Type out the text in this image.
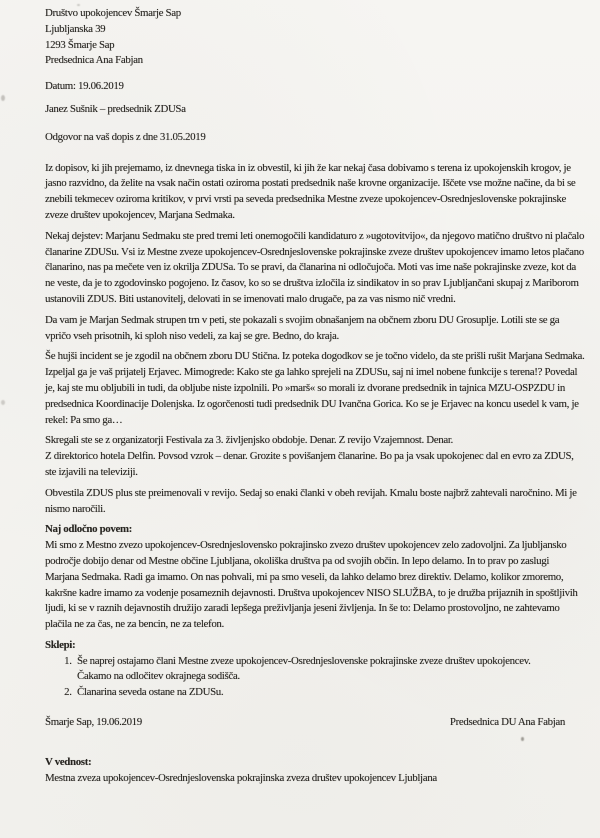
Društvo upokojencev Šmarje Sap
Ljubljanska 39
1293 Šmarje Sap
Predsednica Ana Fabjan
Datum: 19.06.2019
Janez Sušnik – predsednik ZDUSa
Odgovor na vaš dopis z dne 31.05.2019

Iz dopisov, ki jih prejemamo, iz dnevnega tiska in iz obvestil, ki jih že kar nekaj časa dobivamo s terena iz upokojenskih krogov, je jasno razvidno, da želite na vsak način ostati oziroma postati predsednik naše krovne organizacije. Iščete vse možne načine, da bi se znebili tekmecev oziroma kritikov, v prvi vrsti pa seveda predsednika Mestne zveze upokojencev-Osrednjeslovenske pokrajinske zveze društev upokojencev, Marjana Sedmaka.

Nekaj dejstev: Marjanu Sedmaku ste pred tremi leti onemogočili kandidaturo z »ugotovitvijo«, da njegovo matično društvo ni plačalo članarine ZDUSu. Vsi iz Mestne zveze upokojencev-Osrednjeslovenske pokrajinske zveze društev upokojencev imamo letos plačano članarino, nas pa mečete ven iz okrilja ZDUSa. To se pravi, da članarina ni odločujoča. Moti vas ime naše pokrajinske zveze, kot da ne veste, da je to zgodovinsko pogojeno. Iz časov, ko so se društva izločila iz sindikatov in so prav Ljubljančani skupaj z Mariborom ustanovili ZDUS. Biti ustanovitelj, delovati in se imenovati malo drugače, pa za vas nismo nič vredni.

Da vam je Marjan Sedmak strupen trn v peti, ste pokazali s svojim obnašanjem na občnem zboru DU Grosuplje. Lotili ste se ga vpričo vseh prisotnih, ki sploh niso vedeli, za kaj se gre. Bedno, do kraja.

Še hujši incident se je zgodil na občnem zboru DU Stična. Iz poteka dogodkov se je točno videlo, da ste prišli rušit Marjana Sedmaka. Izpeljal ga je vaš prijatelj Erjavec. Mimogrede: Kako ste ga lahko sprejeli na ZDUSu, saj ni imel nobene funkcije s terena!? Povedal je, kaj ste mu obljubili in tudi, da obljube niste izpolnili. Po »marš« so morali iz dvorane predsednik in tajnica MZU-OSPZDU in predsednica Koordinacije Dolenjska. Iz ogorčenosti tudi predsednik DU Ivančna Gorica. Ko se je Erjavec na koncu usedel k vam, je rekel: Pa smo ga…

Skregali ste se z organizatorji Festivala za 3. življenjsko obdobje. Denar. Z revijo Vzajemnost. Denar.
Z direktorico hotela Delfin. Povsod vzrok – denar. Grozite s povišanjem članarine. Bo pa ja vsak upokojenec dal en evro za ZDUS, ste izjavili na televiziji.

Obvestila ZDUS plus ste preimenovali v revijo. Sedaj so enaki članki v obeh revijah. Kmalu boste najbrž zahtevali naročnino. Mi je nismo naročili.

Naj odločno povem:

Mi smo z Mestno zvezo upokojencev-Osrednjeslovensko pokrajinsko zvezo društev upokojencev zelo zadovoljni. Za ljubljansko področje dobijo denar od Mestne občine Ljubljana, okoliška društva pa od svojih občin. In lepo delamo. In to prav po zaslugi Marjana Sedmaka. Radi ga imamo. On nas pohvali, mi pa smo veseli, da lahko delamo brez direktiv. Delamo, kolikor zmoremo, kakršne kadre imamo za vodenje posameznih dejavnosti. Društva upokojencev NISO SLUŽBA, to je družba prijaznih in spoštljivih ljudi, ki se v raznih dejavnostih družijo zaradi lepšega preživljanja jeseni življenja. In še to: Delamo prostovoljno, ne zahtevamo plačila ne za čas, ne za bencin, ne za telefon.

Sklepi:
1. Še naprej ostajamo člani Mestne zveze upokojencev-Osrednjeslovenske pokrajinske zveze društev upokojencev.
Čakamo na odločitev okrajnega sodišča.
2. Članarina seveda ostane na ZDUSu.
Šmarje Sap, 19.06.2019	Predsednica DU Ana Fabjan
V vednost:
Mestna zveza upokojencev-Osrednjeslovenska pokrajinska zveza društev upokojencev Ljubljana
